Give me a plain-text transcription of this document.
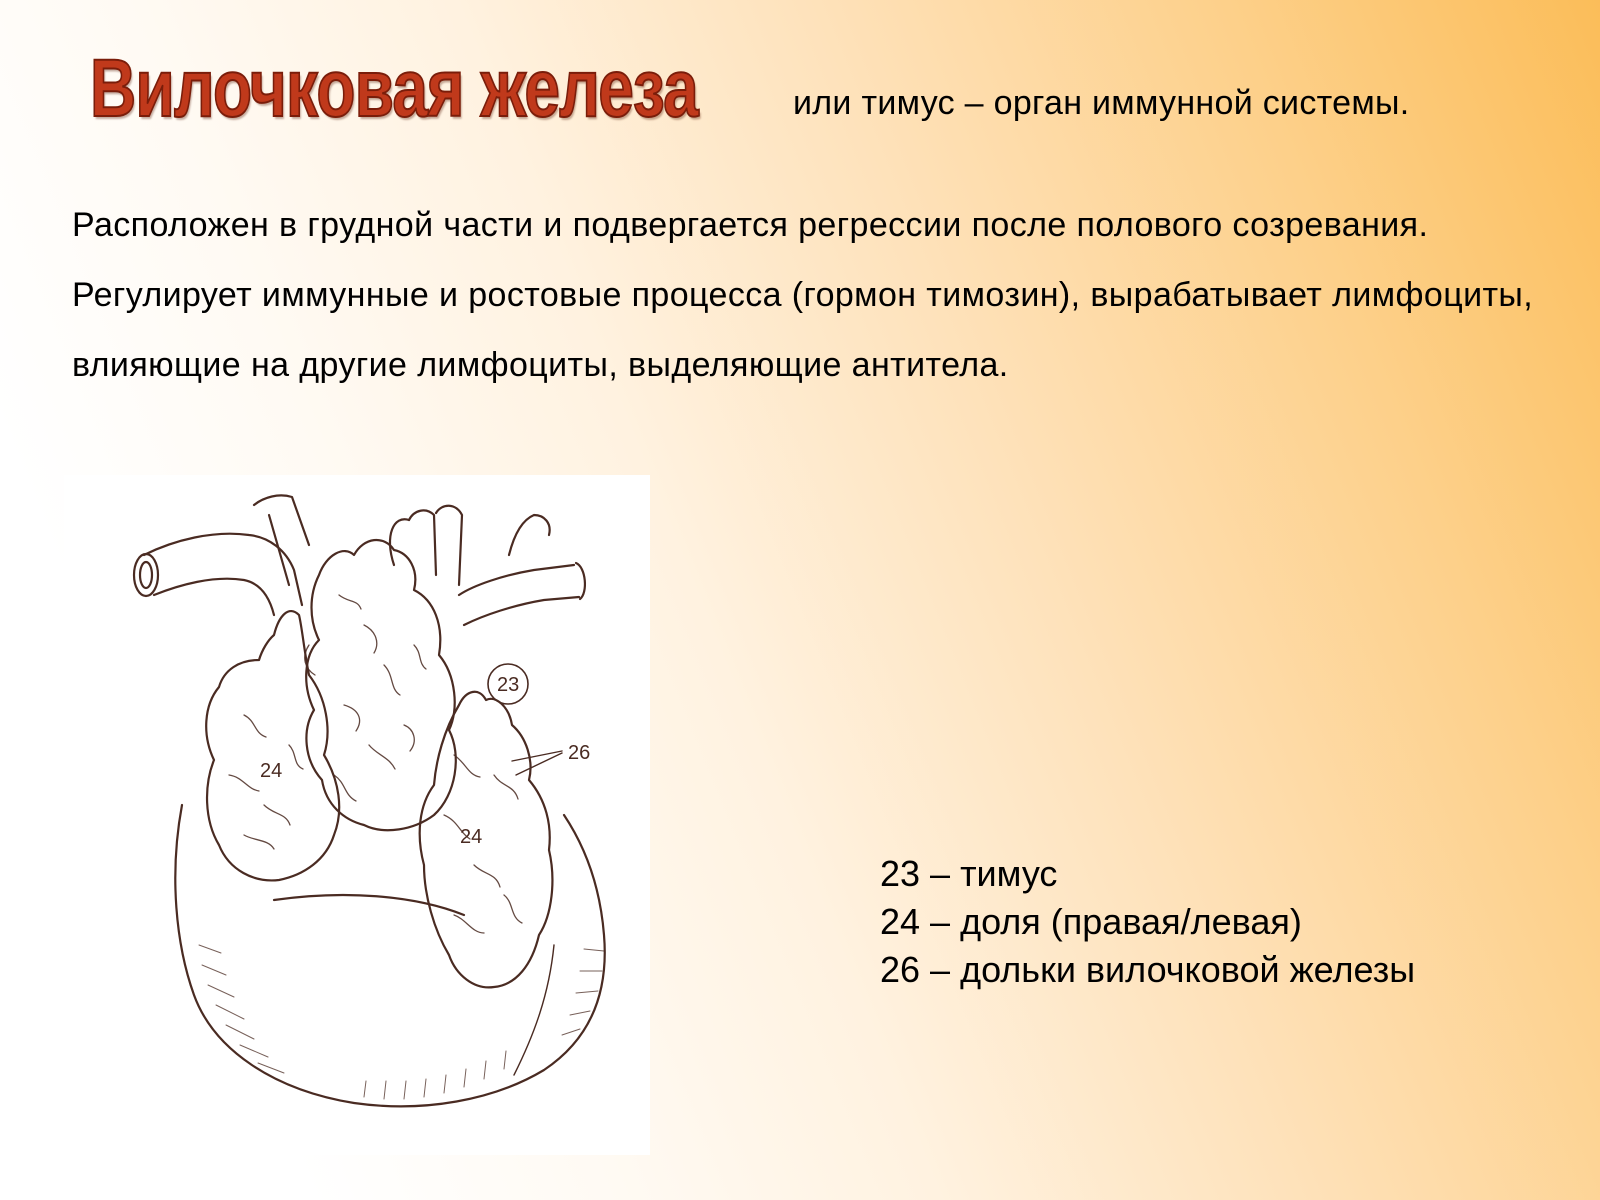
Вилочковая железа	или тимус – орган иммунной системы.

Расположен в грудной части и подвергается регрессии после полового созревания.

Регулирует иммунные и ростовые процесса (гормон тимозин), вырабатывает лимфоциты, влияющие на другие лимфоциты, выделяющие антитела.

23
24
24
26
23 – тимус
24 – доля (правая/левая)
26 – дольки вилочковой железы
